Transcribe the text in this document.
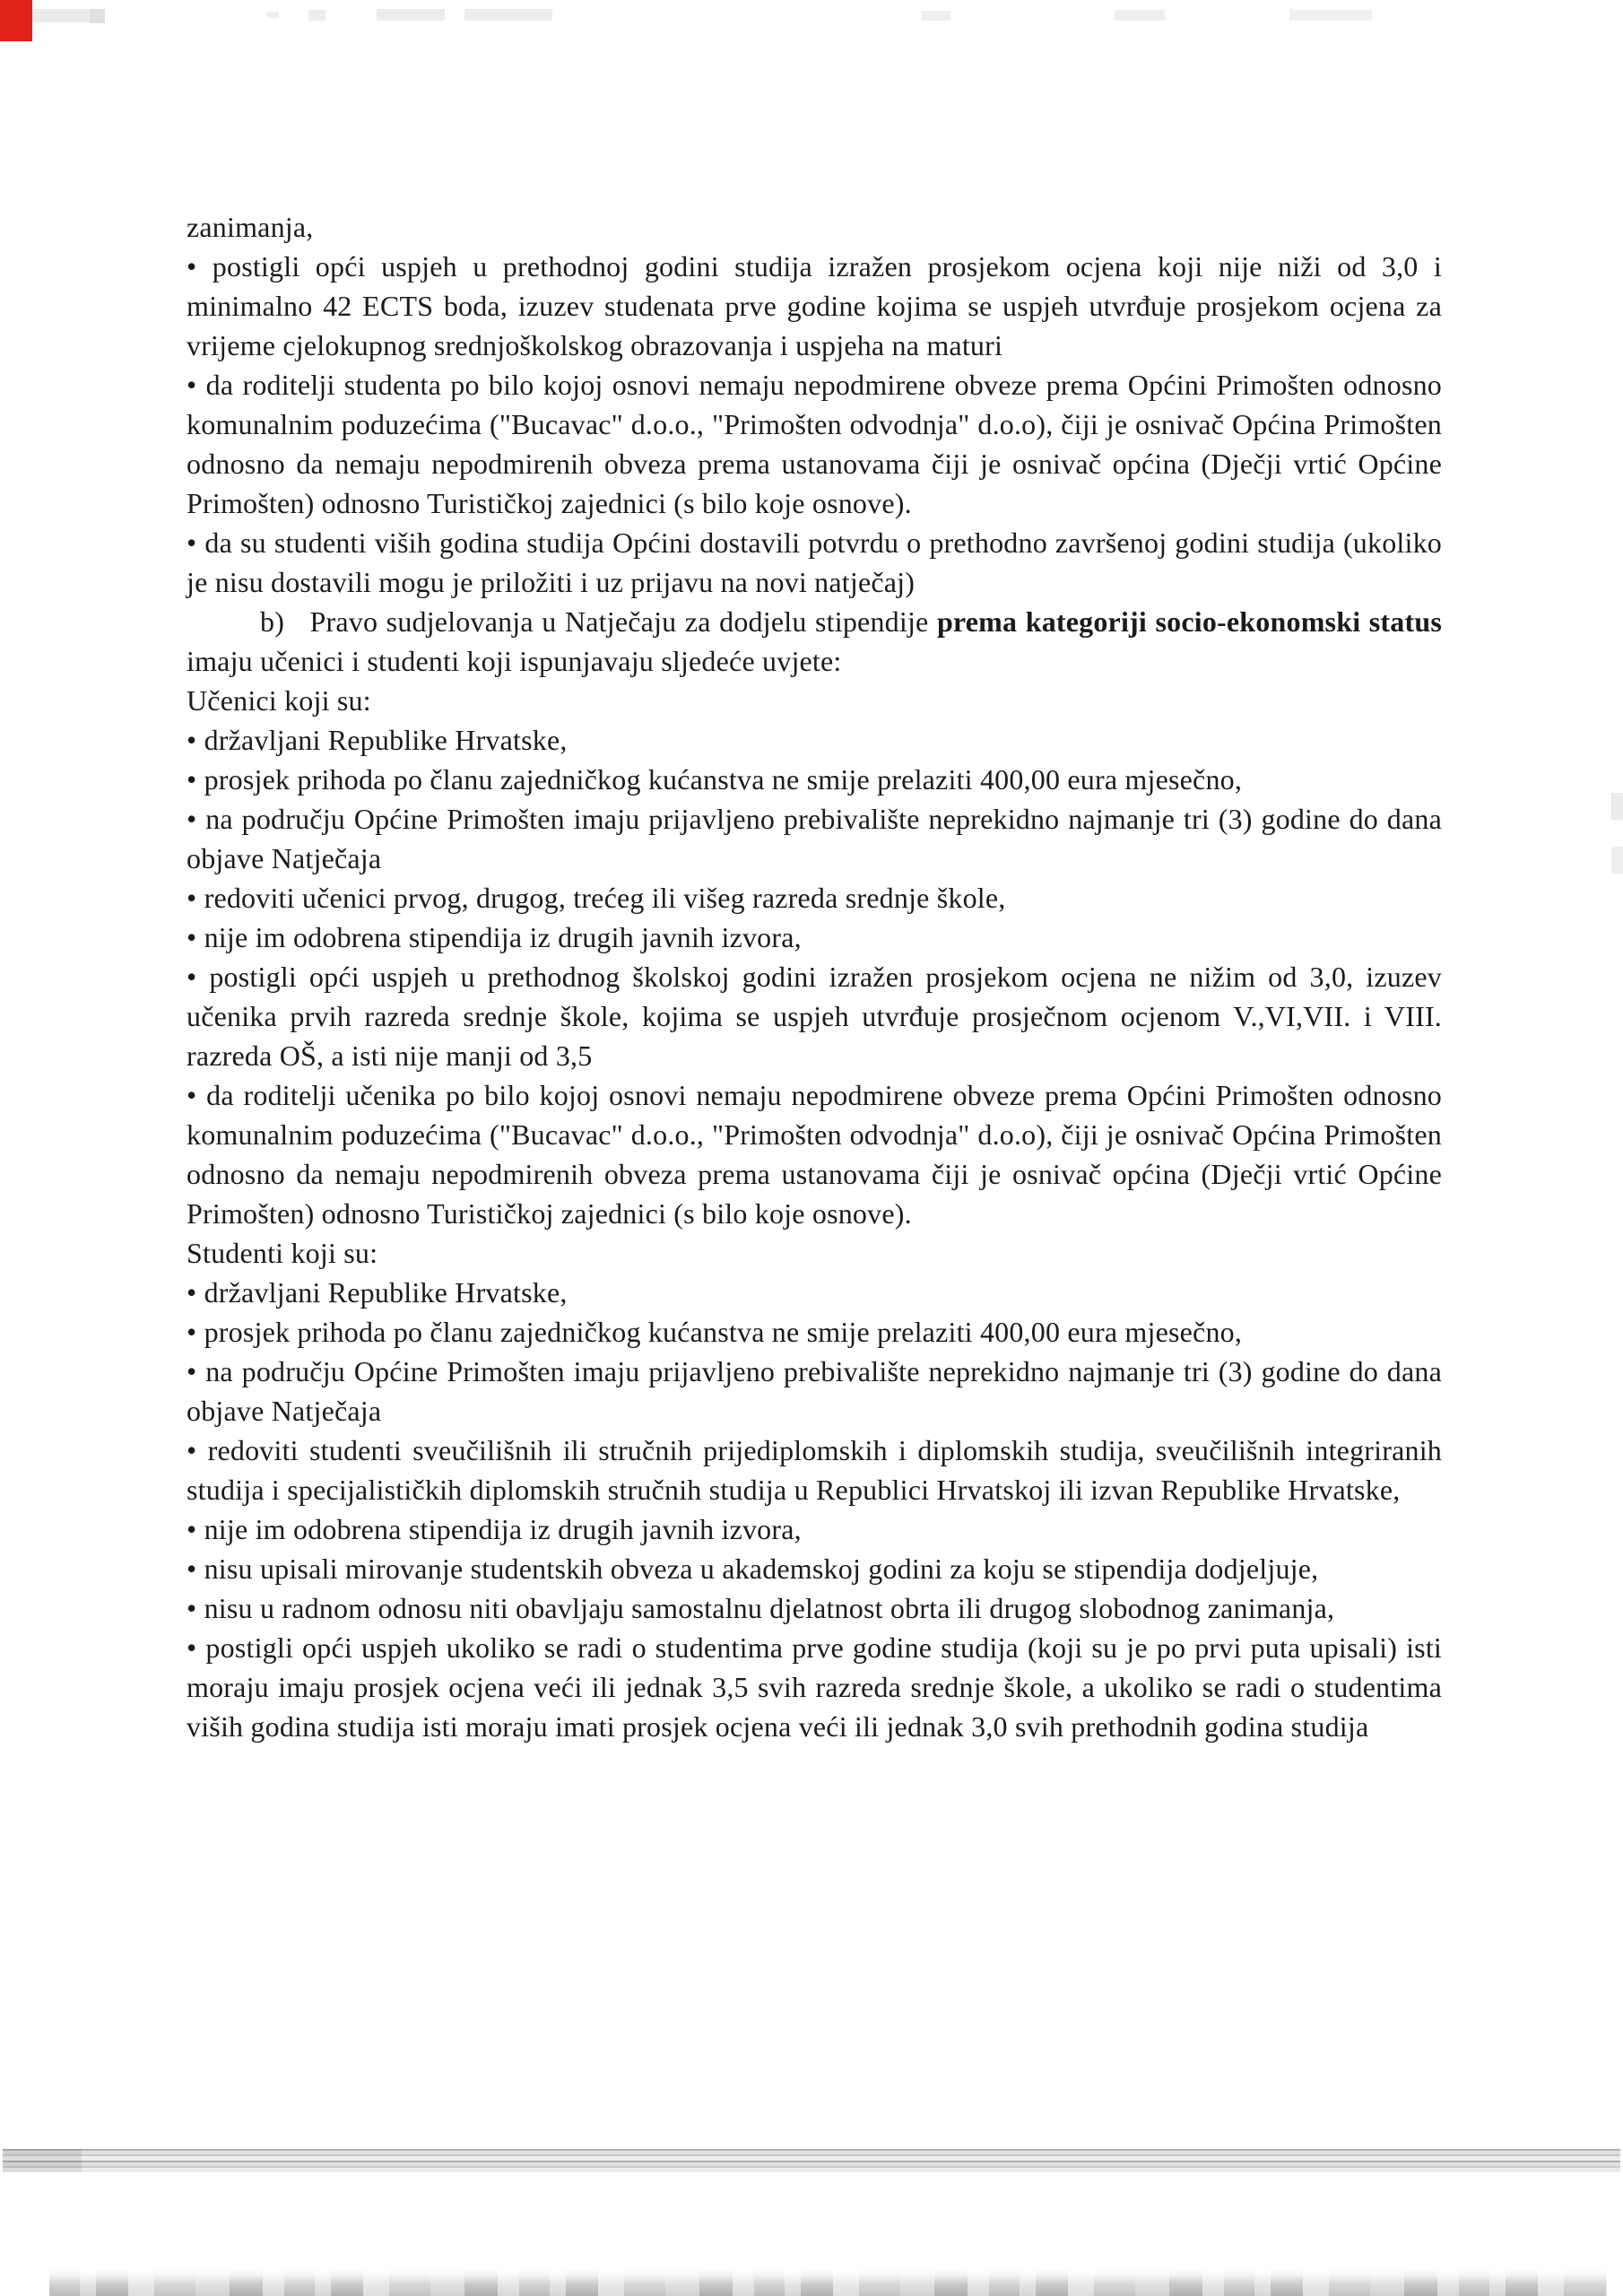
zanimanja,

• postigli opći uspjeh u prethodnoj godini studija izražen prosjekom ocjena koji nije niži od 3,0 i minimalno 42 ECTS boda, izuzev studenata prve godine kojima se uspjeh utvrđuje prosjekom ocjena za vrijeme cjelokupnog srednjoškolskog obrazovanja i uspjeha na maturi

• da roditelji studenta po bilo kojoj osnovi nemaju nepodmirene obveze prema Općini Primošten odnosno komunalnim poduzećima ("Bucavac" d.o.o., "Primošten odvodnja" d.o.o), čiji je osnivač Općina Primošten odnosno da nemaju nepodmirenih obveza prema ustanovama čiji je osnivač općina (Dječji vrtić Općine Primošten) odnosno Turističkoj zajednici (s bilo koje osnove).

• da su studenti viših godina studija Općini dostavili potvrdu o prethodno završenoj godini studija (ukoliko je nisu dostavili mogu je priložiti i uz prijavu na novi natječaj)

b)   Pravo sudjelovanja u Natječaju za dodjelu stipendije prema kategoriji socio-ekonomski status imaju učenici i studenti koji ispunjavaju sljedeće uvjete:

Učenici koji su:

• državljani Republike Hrvatske,

• prosjek prihoda po članu zajedničkog kućanstva ne smije prelaziti 400,00 eura mjesečno,

• na području Općine Primošten imaju prijavljeno prebivalište neprekidno najmanje tri (3) godine do dana objave Natječaja

• redoviti učenici prvog, drugog, trećeg ili višeg razreda srednje škole,

• nije im odobrena stipendija iz drugih javnih izvora,

• postigli opći uspjeh u prethodnog školskoj godini izražen prosjekom ocjena ne nižim od 3,0, izuzev učenika prvih razreda srednje škole, kojima se uspjeh utvrđuje prosječnom ocjenom V.,VI,VII. i VIII. razreda OŠ, a isti nije manji od 3,5

• da roditelji učenika po bilo kojoj osnovi nemaju nepodmirene obveze prema Općini Primošten odnosno komunalnim poduzećima ("Bucavac" d.o.o., "Primošten odvodnja" d.o.o), čiji je osnivač Općina Primošten odnosno da nemaju nepodmirenih obveza prema ustanovama čiji je osnivač općina (Dječji vrtić Općine Primošten) odnosno Turističkoj zajednici (s bilo koje osnove).

Studenti koji su:

• državljani Republike Hrvatske,

• prosjek prihoda po članu zajedničkog kućanstva ne smije prelaziti 400,00 eura mjesečno,

• na području Općine Primošten imaju prijavljeno prebivalište neprekidno najmanje tri (3) godine do dana objave Natječaja

• redoviti studenti sveučilišnih ili stručnih prijediplomskih i diplomskih studija, sveučilišnih integriranih studija i specijalističkih diplomskih stručnih studija u Republici Hrvatskoj ili izvan Republike Hrvatske,

• nije im odobrena stipendija iz drugih javnih izvora,

• nisu upisali mirovanje studentskih obveza u akademskoj godini za koju se stipendija dodjeljuje,

• nisu u radnom odnosu niti obavljaju samostalnu djelatnost obrta ili drugog slobodnog zanimanja,

• postigli opći uspjeh ukoliko se radi o studentima prve godine studija (koji su je po prvi puta upisali) isti moraju imaju prosjek ocjena veći ili jednak 3,5 svih razreda srednje škole, a ukoliko se radi o studentima viših godina studija isti moraju imati prosjek ocjena veći ili jednak 3,0 svih prethodnih godina studija
